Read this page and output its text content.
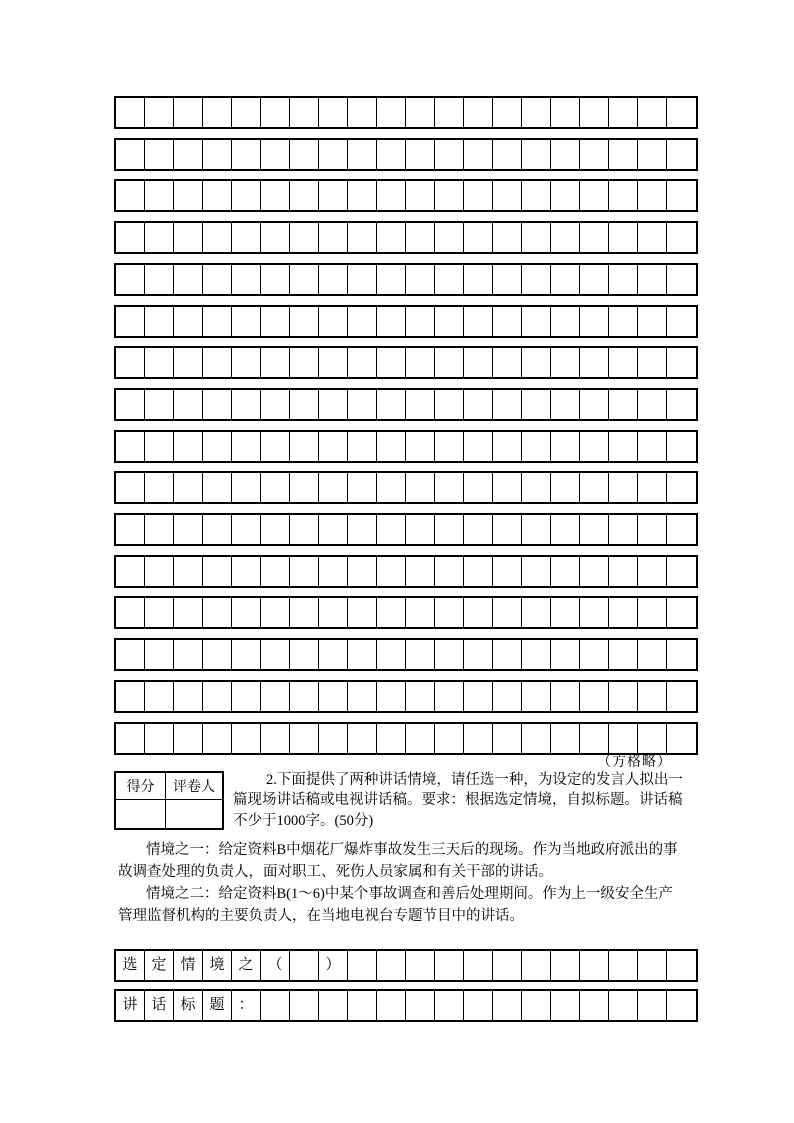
（方格略）
得分	评卷人	2.下面提供了两种讲话情境，请任选一种，为设定的发言人拟出一
篇现场讲话稿或电视讲话稿。要求：根据选定情境，自拟标题。讲话稿
不少于1000字。(50分)
情境之一：给定资料B中烟花厂爆炸事故发生三天后的现场。作为当地政府派出的事
故调查处理的负责人，面对职工、死伤人员家属和有关干部的讲话。
情境之二：给定资料B(1～6)中某个事故调查和善后处理期间。作为上一级安全生产
管理监督机构的主要负责人，在当地电视台专题节目中的讲话。
选 定 情 境 之 （	）
讲 话 标 题 ：
